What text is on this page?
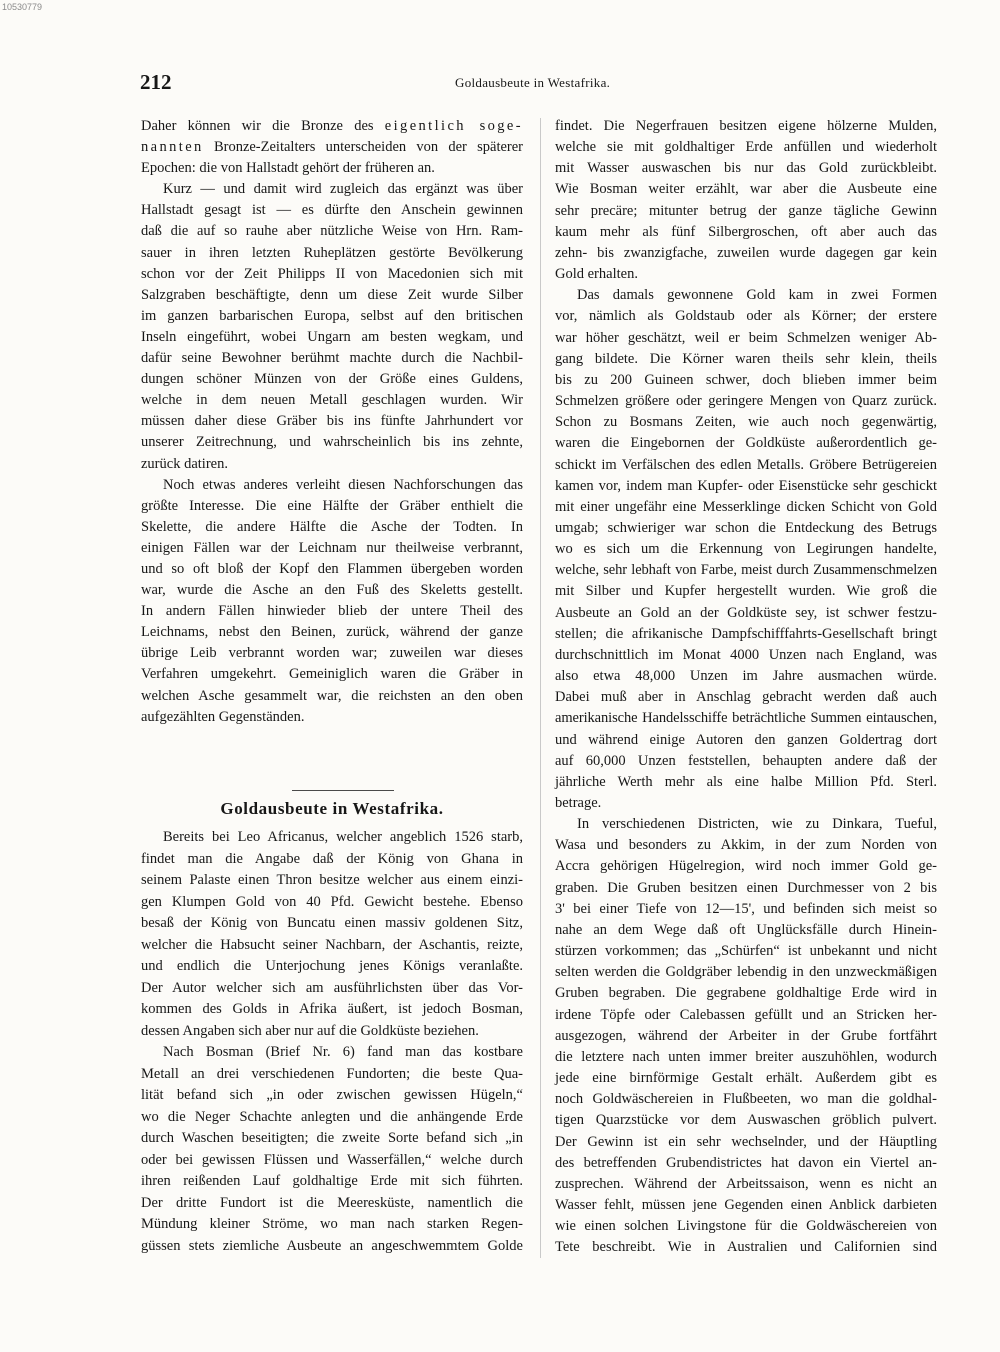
10530779
212	Goldausbeute in Westafrika.
Daher können wir die Bronze des eigentlich soge-
nannten Bronze-Zeitalters unterscheiden von der späterer
Epochen: die von Hallstadt gehört der früheren an.
Kurz — und damit wird zugleich das ergänzt was über
Hallstadt gesagt ist — es dürfte den Anschein gewinnen
daß die auf so rauhe aber nützliche Weise von Hrn. Ram-
sauer in ihren letzten Ruheplätzen gestörte Bevölkerung
schon vor der Zeit Philipps II von Macedonien sich mit
Salzgraben beschäftigte, denn um diese Zeit wurde Silber
im ganzen barbarischen Europa, selbst auf den britischen
Inseln eingeführt, wobei Ungarn am besten wegkam, und
dafür seine Bewohner berühmt machte durch die Nachbil-
dungen schöner Münzen von der Größe eines Guldens,
welche in dem neuen Metall geschlagen wurden. Wir
müssen daher diese Gräber bis ins fünfte Jahrhundert vor
unserer Zeitrechnung, und wahrscheinlich bis ins zehnte,
zurück datiren.
Noch etwas anderes verleiht diesen Nachforschungen das
größte Interesse. Die eine Hälfte der Gräber enthielt die
Skelette, die andere Hälfte die Asche der Todten. In
einigen Fällen war der Leichnam nur theilweise verbrannt,
und so oft bloß der Kopf den Flammen übergeben worden
war, wurde die Asche an den Fuß des Skeletts gestellt.
In andern Fällen hinwieder blieb der untere Theil des
Leichnams, nebst den Beinen, zurück, während der ganze
übrige Leib verbrannt worden war; zuweilen war dieses
Verfahren umgekehrt. Gemeiniglich waren die Gräber in
welchen Asche gesammelt war, die reichsten an den oben
aufgezählten Gegenständen.
Goldausbeute in Westafrika.
Bereits bei Leo Africanus, welcher angeblich 1526 starb,
findet man die Angabe daß der König von Ghana in
seinem Palaste einen Thron besitze welcher aus einem einzi-
gen Klumpen Gold von 40 Pfd. Gewicht bestehe. Ebenso
besaß der König von Buncatu einen massiv goldenen Sitz,
welcher die Habsucht seiner Nachbarn, der Aschantis, reizte,
und endlich die Unterjochung jenes Königs veranlaßte.
Der Autor welcher sich am ausführlichsten über das Vor-
kommen des Golds in Afrika äußert, ist jedoch Bosman,
dessen Angaben sich aber nur auf die Goldküste beziehen.
Nach Bosman (Brief Nr. 6) fand man das kostbare
Metall an drei verschiedenen Fundorten; die beste Qua-
lität befand sich „in oder zwischen gewissen Hügeln,“
wo die Neger Schachte anlegten und die anhängende Erde
durch Waschen beseitigten; die zweite Sorte befand sich „in
oder bei gewissen Flüssen und Wasserfällen,“ welche durch
ihren reißenden Lauf goldhaltige Erde mit sich führten.
Der dritte Fundort ist die Meeresküste, namentlich die
Mündung kleiner Ströme, wo man nach starken Regen-
güssen stets ziemliche Ausbeute an angeschwemmtem Golde
findet. Die Negerfrauen besitzen eigene hölzerne Mulden,
welche sie mit goldhaltiger Erde anfüllen und wiederholt
mit Wasser auswaschen bis nur das Gold zurückbleibt.
Wie Bosman weiter erzählt, war aber die Ausbeute eine
sehr precäre; mitunter betrug der ganze tägliche Gewinn
kaum mehr als fünf Silbergroschen, oft aber auch das
zehn- bis zwanzigfache, zuweilen wurde dagegen gar kein
Gold erhalten.
Das damals gewonnene Gold kam in zwei Formen
vor, nämlich als Goldstaub oder als Körner; der erstere
war höher geschätzt, weil er beim Schmelzen weniger Ab-
gang bildete. Die Körner waren theils sehr klein, theils
bis zu 200 Guineen schwer, doch blieben immer beim
Schmelzen größere oder geringere Mengen von Quarz zurück.
Schon zu Bosmans Zeiten, wie auch noch gegenwärtig,
waren die Eingebornen der Goldküste außerordentlich ge-
schickt im Verfälschen des edlen Metalls. Gröbere Betrügereien
kamen vor, indem man Kupfer- oder Eisenstücke sehr geschickt
mit einer ungefähr eine Messerklinge dicken Schicht von Gold
umgab; schwieriger war schon die Entdeckung des Betrugs
wo es sich um die Erkennung von Legirungen handelte,
welche, sehr lebhaft von Farbe, meist durch Zusammenschmelzen
mit Silber und Kupfer hergestellt wurden. Wie groß die
Ausbeute an Gold an der Goldküste sey, ist schwer festzu-
stellen; die afrikanische Dampfschifffahrts-Gesellschaft bringt
durchschnittlich im Monat 4000 Unzen nach England, was
also etwa 48,000 Unzen im Jahre ausmachen würde.
Dabei muß aber in Anschlag gebracht werden daß auch
amerikanische Handelsschiffe beträchtliche Summen eintauschen,
und während einige Autoren den ganzen Goldertrag dort
auf 60,000 Unzen feststellen, behaupten andere daß der
jährliche Werth mehr als eine halbe Million Pfd. Sterl.
betrage.
In verschiedenen Districten, wie zu Dinkara, Tueful,
Wasa und besonders zu Akkim, in der zum Norden von
Accra gehörigen Hügelregion, wird noch immer Gold ge-
graben. Die Gruben besitzen einen Durchmesser von 2 bis
3' bei einer Tiefe von 12—15', und befinden sich meist so
nahe an dem Wege daß oft Unglücksfälle durch Hinein-
stürzen vorkommen; das „Schürfen“ ist unbekannt und nicht
selten werden die Goldgräber lebendig in den unzweckmäßigen
Gruben begraben. Die gegrabene goldhaltige Erde wird in
irdene Töpfe oder Calebassen gefüllt und an Stricken her-
ausgezogen, während der Arbeiter in der Grube fortfährt
die letztere nach unten immer breiter auszuhöhlen, wodurch
jede eine birnförmige Gestalt erhält. Außerdem gibt es
noch Goldwäschereien in Flußbeeten, wo man die goldhal-
tigen Quarzstücke vor dem Auswaschen gröblich pulvert.
Der Gewinn ist ein sehr wechselnder, und der Häuptling
des betreffenden Grubendistrictes hat davon ein Viertel an-
zusprechen. Während der Arbeitssaison, wenn es nicht an
Wasser fehlt, müssen jene Gegenden einen Anblick darbieten
wie einen solchen Livingstone für die Goldwäschereien von
Tete beschreibt. Wie in Australien und Californien sind
